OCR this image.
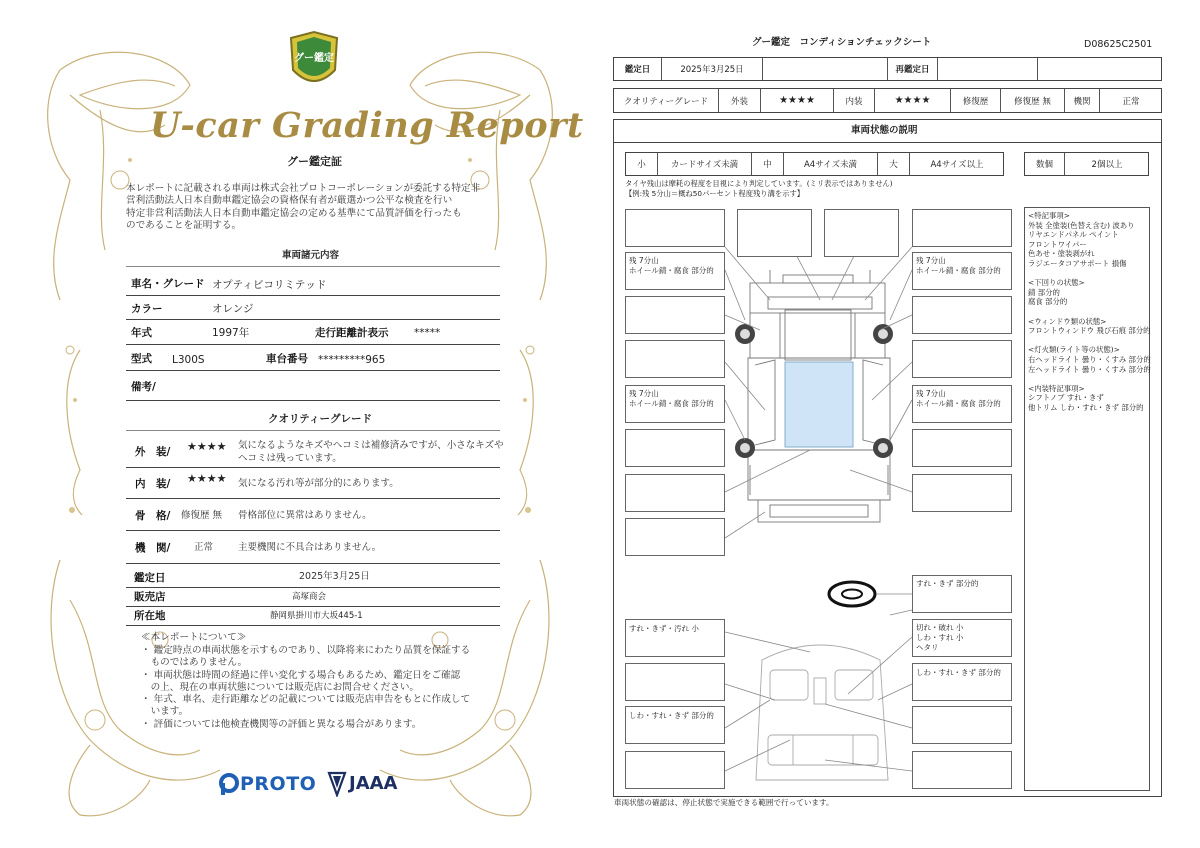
グー鑑定
U-car Grading Report
グー鑑定証
本レポートに記載される車両は株式会社プロトコーポレーションが委託する特定非
営利活動法人日本自動車鑑定協会の資格保有者が厳選かつ公平な検査を行い
特定非営利活動法人日本自動車鑑定協会の定める基準にて品質評価を行ったも
のであることを証明する。
車両諸元内容
車名・グレード オプティビコリミテッド
カラー	オレンジ
年式	1997年	走行距離計表示 *****
型式 L300S	車台番号 *********965
備考/
クオリティーグレード
外　装/ ★★★★ 気になるようなキズやヘコミは補修済みですが、小さなキズや
ヘコミは残っています。
内　装/ ★★★★ 気になる汚れ等が部分的にあります。
骨　格/ 修復歴 無 骨格部位に異常はありません。
機　関/ 正常	主要機関に不具合はありません。
鑑定日	2025年3月25日
販売店	高塚商会
所在地	静岡県掛川市大坂445-1
≪本レポートについて≫
・ 鑑定時点の車両状態を示すものであり、以降将来にわたり品質を保証する
　ものではありません。
・ 車両状態は時間の経過に伴い変化する場合もあるため、鑑定日をご確認
　の上、現在の車両状態については販売店にお問合せください。
・ 年式、車名、走行距離などの記載については販売店申告をもとに作成して
　います。
・ 評価については他検査機関等の評価と異なる場合があります。
PROTO JAAA
グー鑑定　コンディションチェックシート	D08625C2501
鑑定日	2025年3月25日	再鑑定日
クオリティーグレード	外装	★★★★	内装	★★★★	修復歴	修復歴 無	機関	正常
車両状態の説明
小	カードサイズ未満	中	A4サイズ未満	大	A4サイズ以上	数個	2個以上
タイヤ残山は摩耗の程度を目視により判定しています。(ミリ表示ではありません)
【例:残 5分山＝概ね50パーセント程度残り溝を示す】
残 7分山
ホイール錆・腐食 部分的
残 7分山
ホイール錆・腐食 部分的
残 7分山
ホイール錆・腐食 部分的
残 7分山
ホイール錆・腐食 部分的
すれ・きず・汚れ 小
しわ・すれ・きず 部分的
すれ・きず 部分的
切れ・破れ 小
しわ・すれ 小
ヘタリ
しわ・すれ・きず 部分的
<特記事項>
外装 全塗装(色替え含む) 波あり
リヤエンドパネル ペイント
フロントワイパー
色あせ・塗装剥がれ
ラジエータコアサポート 損傷
<下回りの状態>
錆 部分的
腐食 部分的
<ウィンドウ類の状態>
フロントウィンドウ 飛び石痕 部分的
<灯火類(ライト等の状態)>
右ヘッドライト 曇り・くすみ 部分的
左ヘッドライト 曇り・くすみ 部分的
<内装特記事項>
シフトノブ すれ・きず
他トリム しわ・すれ・きず 部分的
車両状態の確認は、停止状態で実施できる範囲で行っています。
